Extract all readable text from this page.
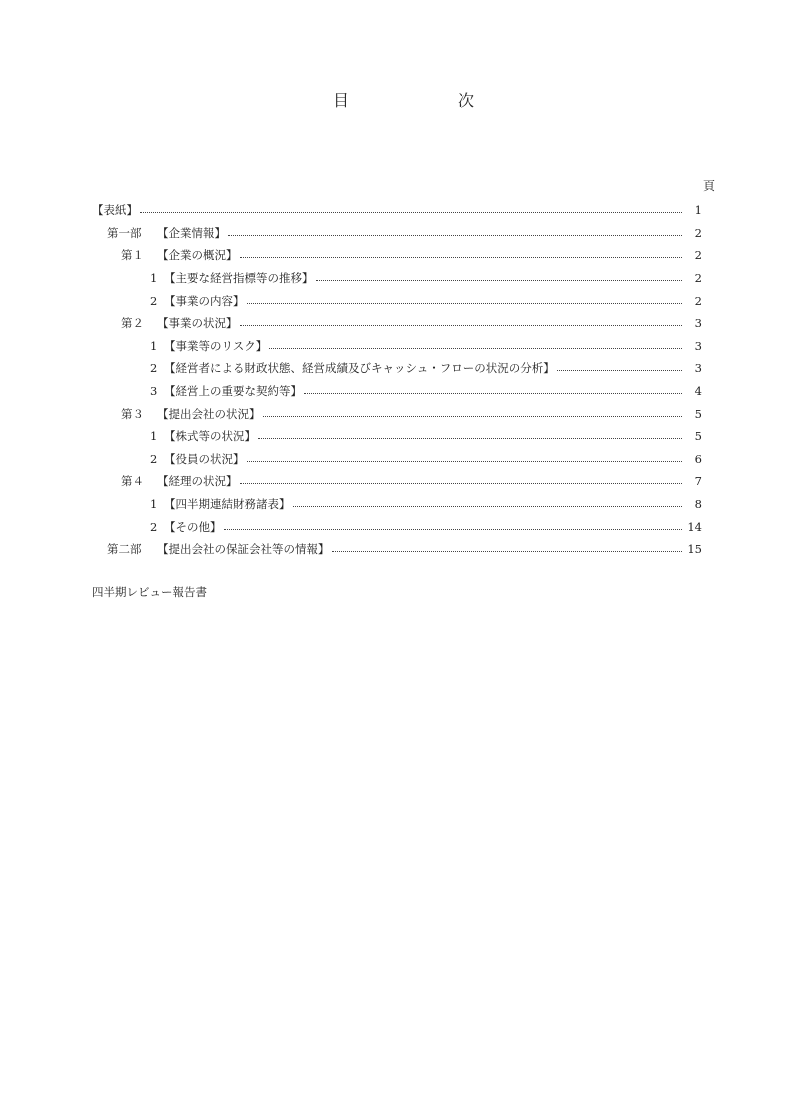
目	次
頁
【表紙】	1
第一部	【企業情報】	2
第１	【企業の概況】	2
1 【主要な経営指標等の推移】	2
2 【事業の内容】	2
第２	【事業の状況】	3
1 【事業等のリスク】	3
2 【経営者による財政状態、経営成績及びキャッシュ・フローの状況の分析】	3
3 【経営上の重要な契約等】	4
第３	【提出会社の状況】	5
1 【株式等の状況】	5
2 【役員の状況】	6
第４	【経理の状況】	7
1 【四半期連結財務諸表】	8
2 【その他】	14
第二部	【提出会社の保証会社等の情報】	15
四半期レビュー報告書
